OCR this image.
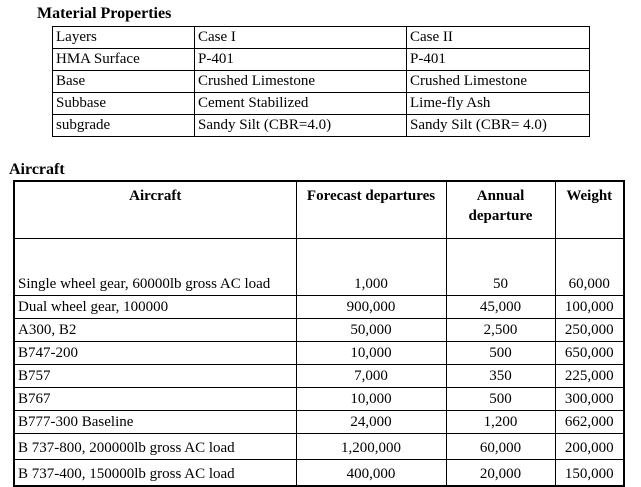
Material Properties
Layers	Case I	Case II
HMA Surface	P-401	P-401
Base	Crushed Limestone	Crushed Limestone
Subbase	Cement Stabilized	Lime-fly Ash
subgrade	Sandy Silt (CBR=4.0)	Sandy Silt (CBR= 4.0)
Aircraft
Aircraft	Forecast departures	Annual departure	Weight
Single wheel gear, 60000lb gross AC load	1,000	50	60,000
Dual wheel gear, 100000	900,000	45,000	100,000
A300, B2	50,000	2,500	250,000
B747-200	10,000	500	650,000
B757	7,000	350	225,000
B767	10,000	500	300,000
B777-300 Baseline	24,000	1,200	662,000
B 737-800, 200000lb gross AC load	1,200,000	60,000	200,000
B 737-400, 150000lb gross AC load	400,000	20,000	150,000
